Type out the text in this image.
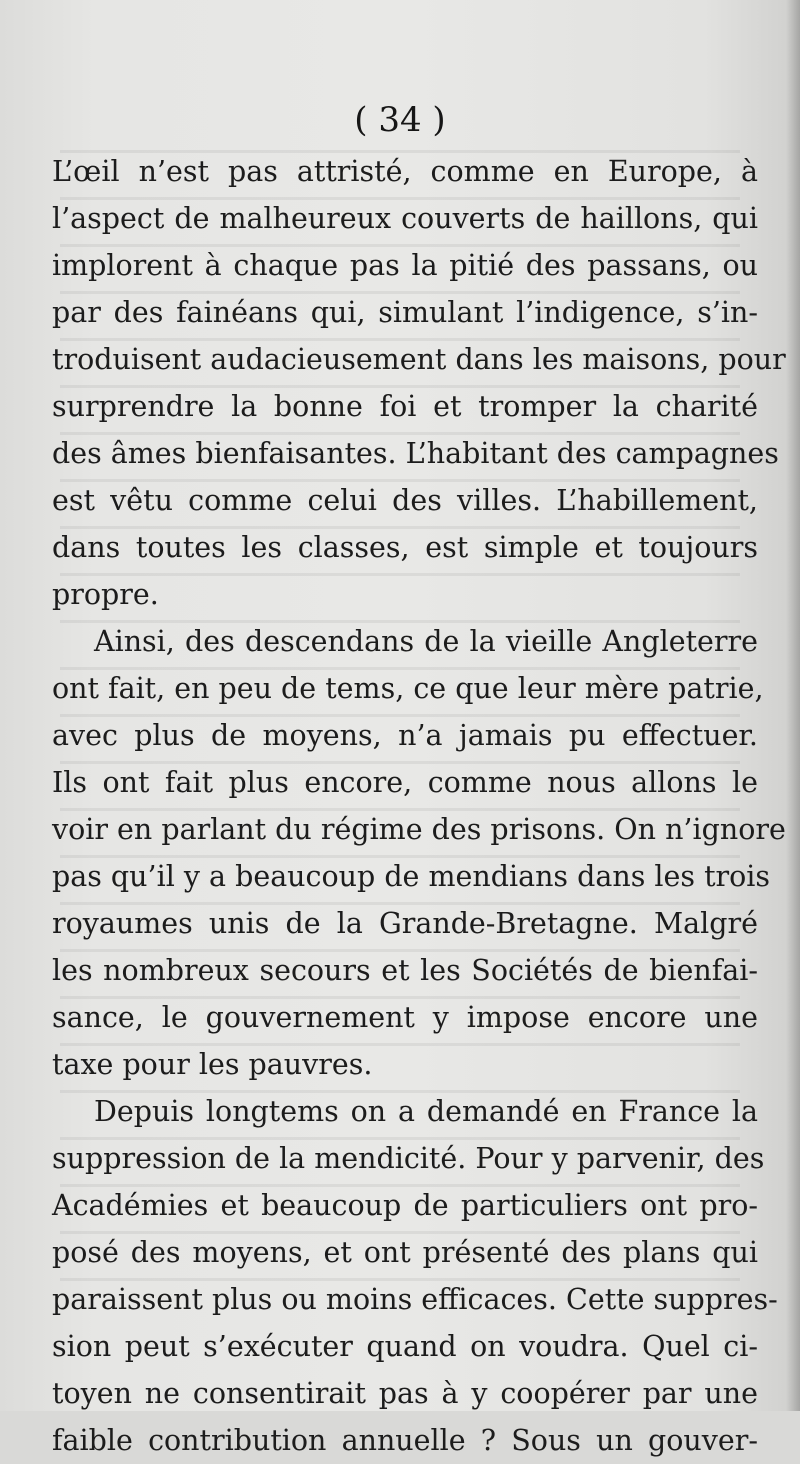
( 34 )
L’œil n’est pas attristé, comme en Europe, à
l’aspect de malheureux couverts de haillons, qui
implorent à chaque pas la pitié des passans, ou
par des fainéans qui, simulant l’indigence, s’in-
troduisent audacieusement dans les maisons, pour
surprendre la bonne foi et tromper la charité
des âmes bienfaisantes. L’habitant des campagnes
est vêtu comme celui des villes. L’habillement,
dans toutes les classes, est simple et toujours
propre.
Ainsi, des descendans de la vieille Angleterre
ont fait, en peu de tems, ce que leur mère patrie,
avec plus de moyens, n’a jamais pu effectuer.
Ils ont fait plus encore, comme nous allons le
voir en parlant du régime des prisons. On n’ignore
pas qu’il y a beaucoup de mendians dans les trois
royaumes unis de la Grande-Bretagne. Malgré
les nombreux secours et les Sociétés de bienfai-
sance, le gouvernement y impose encore une
taxe pour les pauvres.
Depuis longtems on a demandé en France la
suppression de la mendicité. Pour y parvenir, des
Académies et beaucoup de particuliers ont pro-
posé des moyens, et ont présenté des plans qui
paraissent plus ou moins efficaces. Cette suppres-
sion peut s’exécuter quand on voudra. Quel ci-
toyen ne consentirait pas à y coopérer par une
faible contribution annuelle ? Sous un gouver-
